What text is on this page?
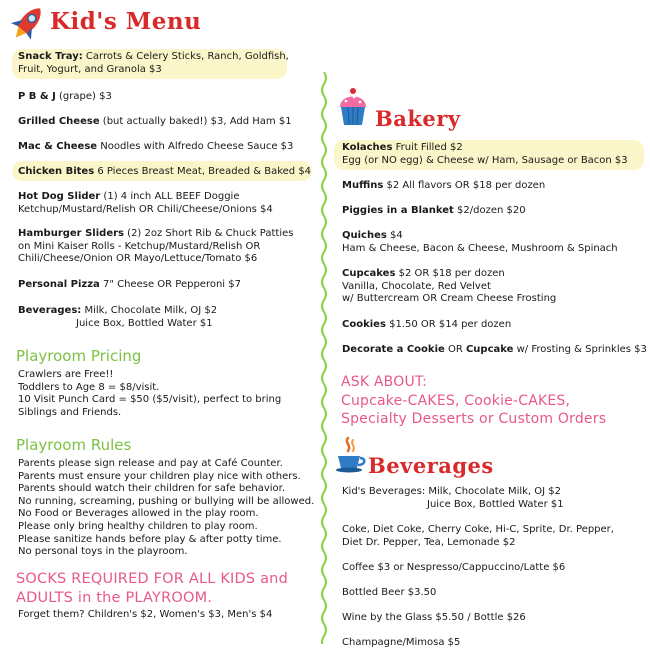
Kid's Menu
Snack Tray: Carrots & Celery Sticks, Ranch, Goldfish,
Fruit, Yogurt, and Granola $3
P B & J (grape) $3
Grilled Cheese (but actually baked!) $3, Add Ham $1
Mac & Cheese Noodles with Alfredo Cheese Sauce $3
Chicken Bites 6 Pieces Breast Meat, Breaded & Baked $4
Hot Dog Slider (1) 4 inch ALL BEEF Doggie
Ketchup/Mustard/Relish OR Chili/Cheese/Onions $4
Hamburger Sliders (2) 2oz Short Rib & Chuck Patties
on Mini Kaiser Rolls - Ketchup/Mustard/Relish OR
Chili/Cheese/Onion OR Mayo/Lettuce/Tomato $6
Personal Pizza 7" Cheese OR Pepperoni $7
Beverages: Milk, Chocolate Milk, OJ $2
Juice Box, Bottled Water $1
Playroom Pricing
Crawlers are Free!!
Toddlers to Age 8 = $8/visit.
10 Visit Punch Card = $50 ($5/visit), perfect to bring
Siblings and Friends.
Playroom Rules
Parents please sign release and pay at Café Counter.
Parents must ensure your children play nice with others.
Parents should watch their children for safe behavior.
No running, screaming, pushing or bullying will be allowed.
No Food or Beverages allowed in the play room.
Please only bring healthy children to play room.
Please sanitize hands before play & after potty time.
No personal toys in the playroom.
SOCKS REQUIRED FOR ALL KIDS and
ADULTS in the PLAYROOM.
Forget them? Children's $2, Women's $3, Men's $4
Bakery
Kolaches Fruit Filled $2
Egg (or NO egg) & Cheese w/ Ham, Sausage or Bacon $3
Muffins $2 All flavors OR $18 per dozen
Piggies in a Blanket $2/dozen $20
Quiches $4
Ham & Cheese, Bacon & Cheese, Mushroom & Spinach
Cupcakes $2 OR $18 per dozen
Vanilla, Chocolate, Red Velvet
w/ Buttercream OR Cream Cheese Frosting
Cookies $1.50 OR $14 per dozen
Decorate a Cookie OR Cupcake w/ Frosting & Sprinkles $3
ASK ABOUT:
Cupcake-CAKES, Cookie-CAKES,
Specialty Desserts or Custom Orders
Beverages
Kid's Beverages: Milk, Chocolate Milk, OJ $2
Juice Box, Bottled Water $1
Coke, Diet Coke, Cherry Coke, Hi-C, Sprite, Dr. Pepper,
Diet Dr. Pepper, Tea, Lemonade $2
Coffee $3 or Nespresso/Cappuccino/Latte $6
Bottled Beer $3.50
Wine by the Glass $5.50 / Bottle $26
Champagne/Mimosa $5
